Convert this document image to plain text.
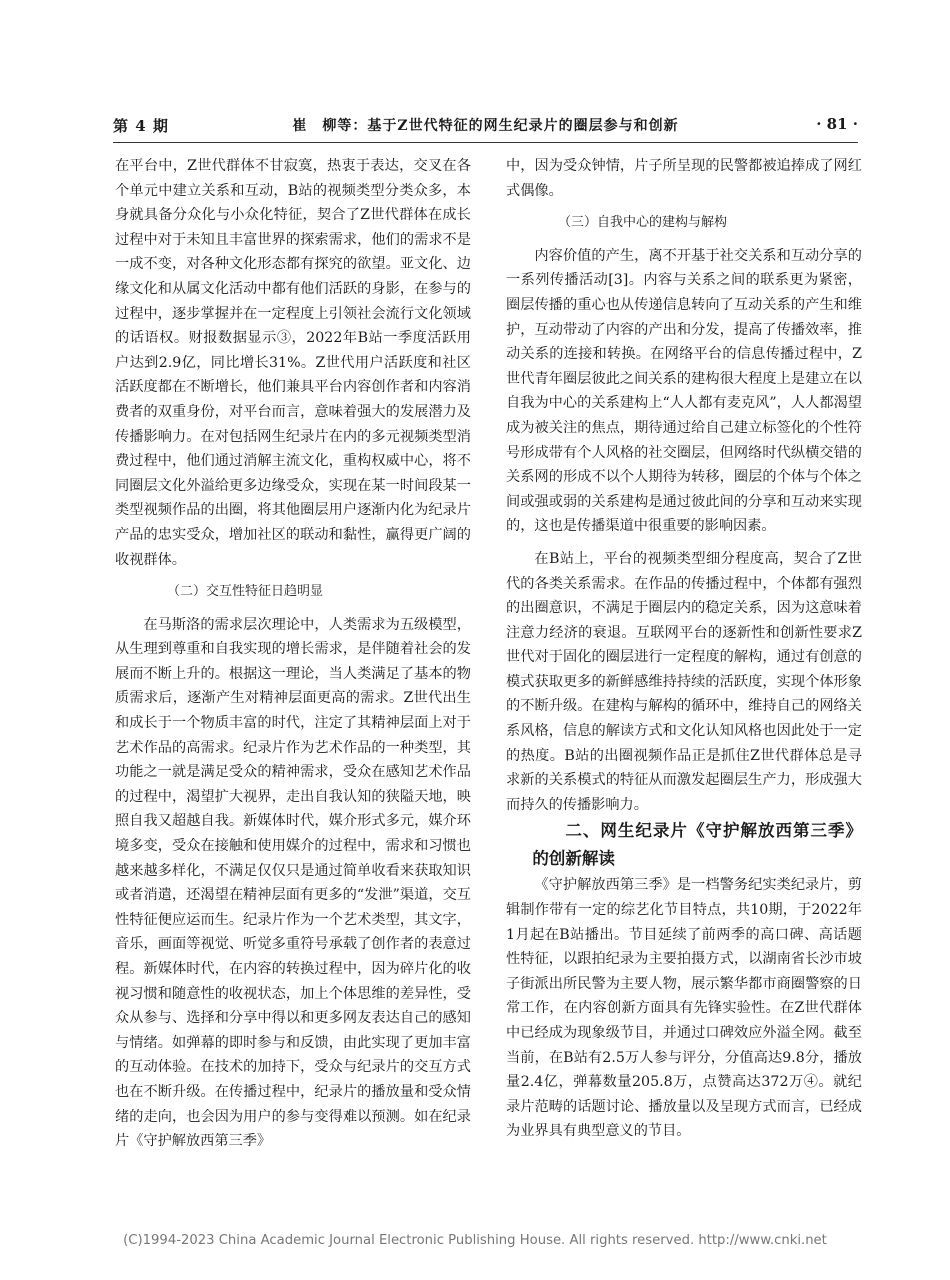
第 4 期	崔　柳等：基于Z世代特征的网生纪录片的圈层参与和创新	· 81 ·

在平台中，Z世代群体不甘寂寞，热衷于表达，交叉在各个单元中建立关系和互动，B站的视频类型分类众多，本身就具备分众化与小众化特征，契合了Z世代群体在成长过程中对于未知且丰富世界的探索需求，他们的需求不是一成不变，对各种文化形态都有探究的欲望。亚文化、边缘文化和从属文化活动中都有他们活跃的身影，在参与的过程中，逐步掌握并在一定程度上引领社会流行文化领域的话语权。财报数据显示③，2022年B站一季度活跃用户达到2.9亿，同比增长31%。Z世代用户活跃度和社区活跃度都在不断增长，他们兼具平台内容创作者和内容消费者的双重身份，对平台而言，意味着强大的发展潜力及传播影响力。在对包括网生纪录片在内的多元视频类型消费过程中，他们通过消解主流文化，重构权威中心，将不同圈层文化外溢给更多边缘受众，实现在某一时间段某一类型视频作品的出圈，将其他圈层用户逐渐内化为纪录片产品的忠实受众，增加社区的联动和黏性，赢得更广阔的收视群体。

（二）交互性特征日趋明显

在马斯洛的需求层次理论中，人类需求为五级模型，从生理到尊重和自我实现的增长需求，是伴随着社会的发展而不断上升的。根据这一理论，当人类满足了基本的物质需求后，逐渐产生对精神层面更高的需求。Z世代出生和成长于一个物质丰富的时代，注定了其精神层面上对于艺术作品的高需求。纪录片作为艺术作品的一种类型，其功能之一就是满足受众的精神需求，受众在感知艺术作品的过程中，渴望扩大视界，走出自我认知的狭隘天地，映照自我又超越自我。新媒体时代，媒介形式多元，媒介环境多变，受众在接触和使用媒介的过程中，需求和习惯也越来越多样化，不满足仅仅只是通过简单收看来获取知识或者消遣，还渴望在精神层面有更多的“发泄”渠道，交互性特征便应运而生。纪录片作为一个艺术类型，其文字，音乐，画面等视觉、听觉多重符号承载了创作者的表意过程。新媒体时代，在内容的转换过程中，因为碎片化的收视习惯和随意性的收视状态，加上个体思维的差异性，受众从参与、选择和分享中得以和更多网友表达自己的感知与情绪。如弹幕的即时参与和反馈，由此实现了更加丰富的互动体验。在技术的加持下，受众与纪录片的交互方式也在不断升级。在传播过程中，纪录片的播放量和受众情绪的走向，也会因为用户的参与变得难以预测。如在纪录片《守护解放西第三季》

中，因为受众钟情，片子所呈现的民警都被追捧成了网红式偶像。

（三）自我中心的建构与解构

内容价值的产生，离不开基于社交关系和互动分享的一系列传播活动[3]。内容与关系之间的联系更为紧密，圈层传播的重心也从传递信息转向了互动关系的产生和维护，互动带动了内容的产出和分发，提高了传播效率，推动关系的连接和转换。在网络平台的信息传播过程中，Z世代青年圈层彼此之间关系的建构很大程度上是建立在以自我为中心的关系建构上“人人都有麦克风”，人人都渴望成为被关注的焦点，期待通过给自己建立标签化的个性符号形成带有个人风格的社交圈层，但网络时代纵横交错的关系网的形成不以个人期待为转移，圈层的个体与个体之间或强或弱的关系建构是通过彼此间的分享和互动来实现的，这也是传播渠道中很重要的影响因素。

在B站上，平台的视频类型细分程度高，契合了Z世代的各类关系需求。在作品的传播过程中，个体都有强烈的出圈意识，不满足于圈层内的稳定关系，因为这意味着注意力经济的衰退。互联网平台的逐新性和创新性要求Z世代对于固化的圈层进行一定程度的解构，通过有创意的模式获取更多的新鲜感维持持续的活跃度，实现个体形象的不断升级。在建构与解构的循环中，维持自己的网络关系风格，信息的解读方式和文化认知风格也因此处于一定的热度。B站的出圈视频作品正是抓住Z世代群体总是寻求新的关系模式的特征从而激发起圈层生产力，形成强大而持久的传播影响力。

二、网生纪录片《守护解放西第三季》的创新解读

《守护解放西第三季》是一档警务纪实类纪录片，剪辑制作带有一定的综艺化节目特点，共10期，于2022年1月起在B站播出。节目延续了前两季的高口碑、高话题性特征，以跟拍纪录为主要拍摄方式，以湖南省长沙市坡子街派出所民警为主要人物，展示繁华都市商圈警察的日常工作，在内容创新方面具有先锋实验性。在Z世代群体中已经成为现象级节目，并通过口碑效应外溢全网。截至当前，在B站有2.5万人参与评分，分值高达9.8分，播放量2.4亿，弹幕数量205.8万，点赞高达372万④。就纪录片范畴的话题讨论、播放量以及呈现方式而言，已经成为业界具有典型意义的节目。

(C)1994-2023 China Academic Journal Electronic Publishing House. All rights reserved. http://www.cnki.net
